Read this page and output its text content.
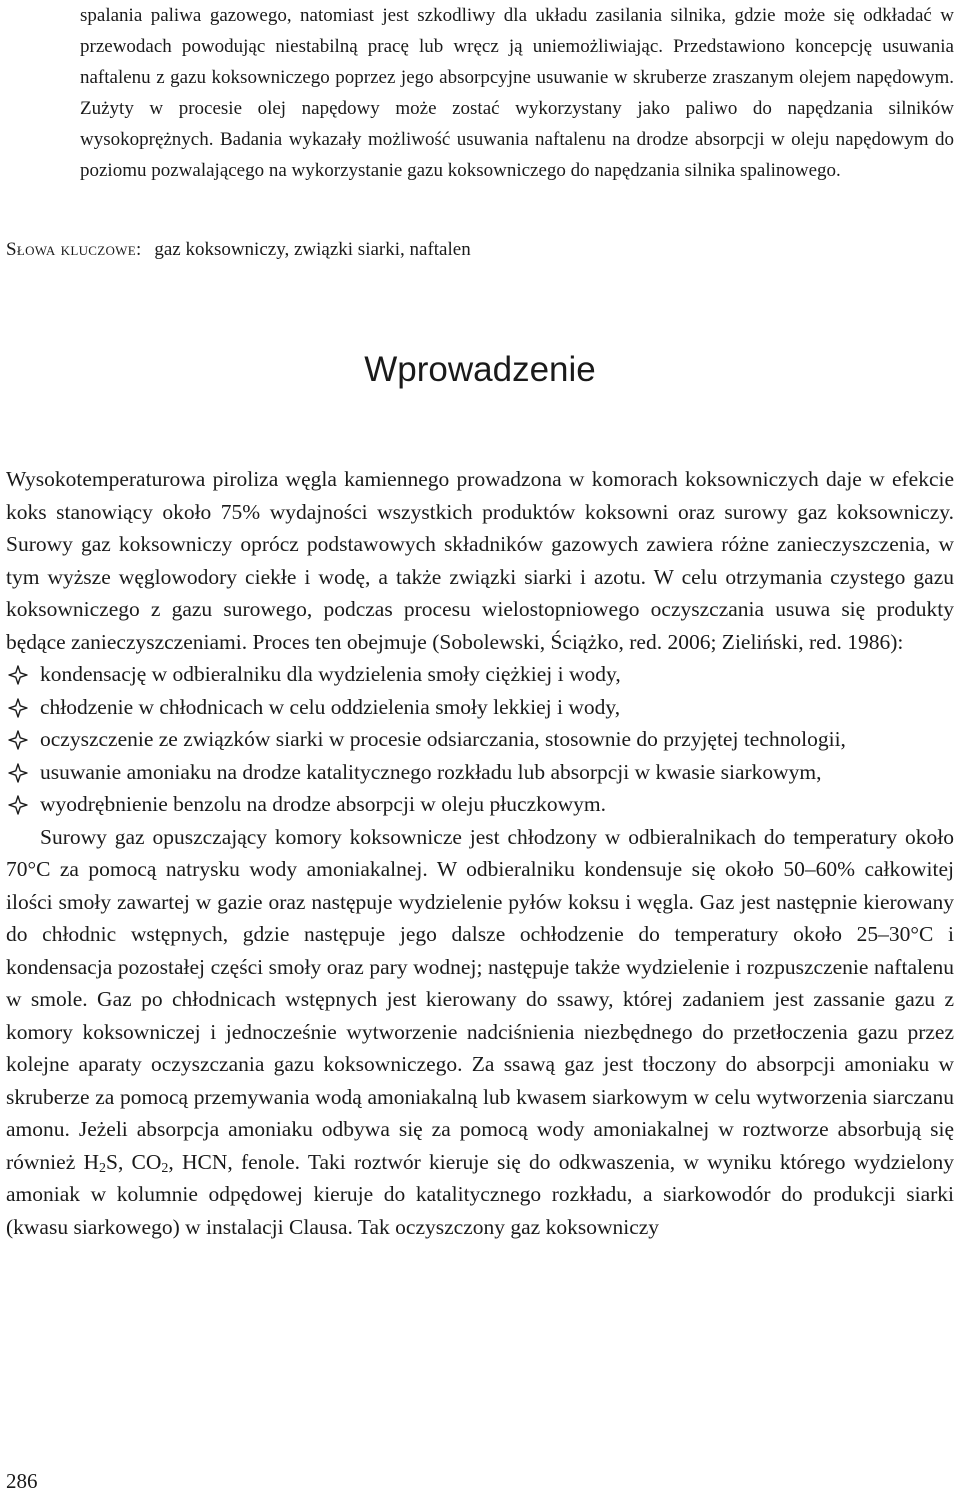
spalania paliwa gazowego, natomiast jest szkodliwy dla układu zasilania silnika, gdzie może się odkładać w przewodach powodując niestabilną pracę lub wręcz ją uniemożliwiając. Przedstawiono koncepcję usuwania naftalenu z gazu koksowniczego poprzez jego absorpcyjne usuwanie w skruberze zraszanym olejem napędowym. Zużyty w procesie olej napędowy może zostać wykorzystany jako paliwo do napędzania silników wysokoprężnych. Badania wykazały możliwość usuwania naftalenu na drodze absorpcji w oleju napędowym do poziomu pozwalającego na wykorzystanie gazu koksowniczego do napędzania silnika spalinowego.

Słowa kluczowe: gaz koksowniczy, związki siarki, naftalen

Wprowadzenie

Wysokotemperaturowa piroliza węgla kamiennego prowadzona w komorach koksowniczych daje w efekcie koks stanowiący około 75% wydajności wszystkich produktów koksowni oraz surowy gaz koksowniczy. Surowy gaz koksowniczy oprócz podstawowych składników gazowych zawiera różne zanieczyszczenia, w tym wyższe węglowodory ciekłe i wodę, a także związki siarki i azotu. W celu otrzymania czystego gazu koksowniczego z gazu surowego, podczas procesu wielostopniowego oczyszczania usuwa się produkty będące zanieczyszczeniami. Proces ten obejmuje (Sobolewski, Ściążko, red. 2006; Zieliński, red. 1986):

kondensację w odbieralniku dla wydzielenia smoły ciężkiej i wody,
chłodzenie w chłodnicach w celu oddzielenia smoły lekkiej i wody,
oczyszczenie ze związków siarki w procesie odsiarczania, stosownie do przyjętej technologii,
usuwanie amoniaku na drodze katalitycznego rozkładu lub absorpcji w kwasie siarkowym,
wyodrębnienie benzolu na drodze absorpcji w oleju płuczkowym.

Surowy gaz opuszczający komory koksownicze jest chłodzony w odbieralnikach do temperatury około 70°C za pomocą natrysku wody amoniakalnej. W odbieralniku kondensuje się około 50–60% całkowitej ilości smoły zawartej w gazie oraz następuje wydzielenie pyłów koksu i węgla. Gaz jest następnie kierowany do chłodnic wstępnych, gdzie następuje jego dalsze ochłodzenie do temperatury około 25–30°C i kondensacja pozostałej części smoły oraz pary wodnej; następuje także wydzielenie i rozpuszczenie naftalenu w smole. Gaz po chłodnicach wstępnych jest kierowany do ssawy, której zadaniem jest zassanie gazu z komory koksowniczej i jednocześnie wytworzenie nadciśnienia niezbędnego do przetłoczenia gazu przez kolejne aparaty oczyszczania gazu koksowniczego. Za ssawą gaz jest tłoczony do absorpcji amoniaku w skruberze za pomocą przemywania wodą amoniakalną lub kwasem siarkowym w celu wytworzenia siarczanu amonu. Jeżeli absorpcja amoniaku odbywa się za pomocą wody amoniakalnej w roztworze absorbują się również $H_2S$, $CO_2$, HCN, fenole. Taki roztwór kieruje się do odkwaszenia, w wyniku którego wydzielony amoniak w kolumnie odpędowej kieruje do katalitycznego rozkładu, a siarkowodór do produkcji siarki (kwasu siarkowego) w instalacji Clausa. Tak oczyszczony gaz koksowniczy

286
